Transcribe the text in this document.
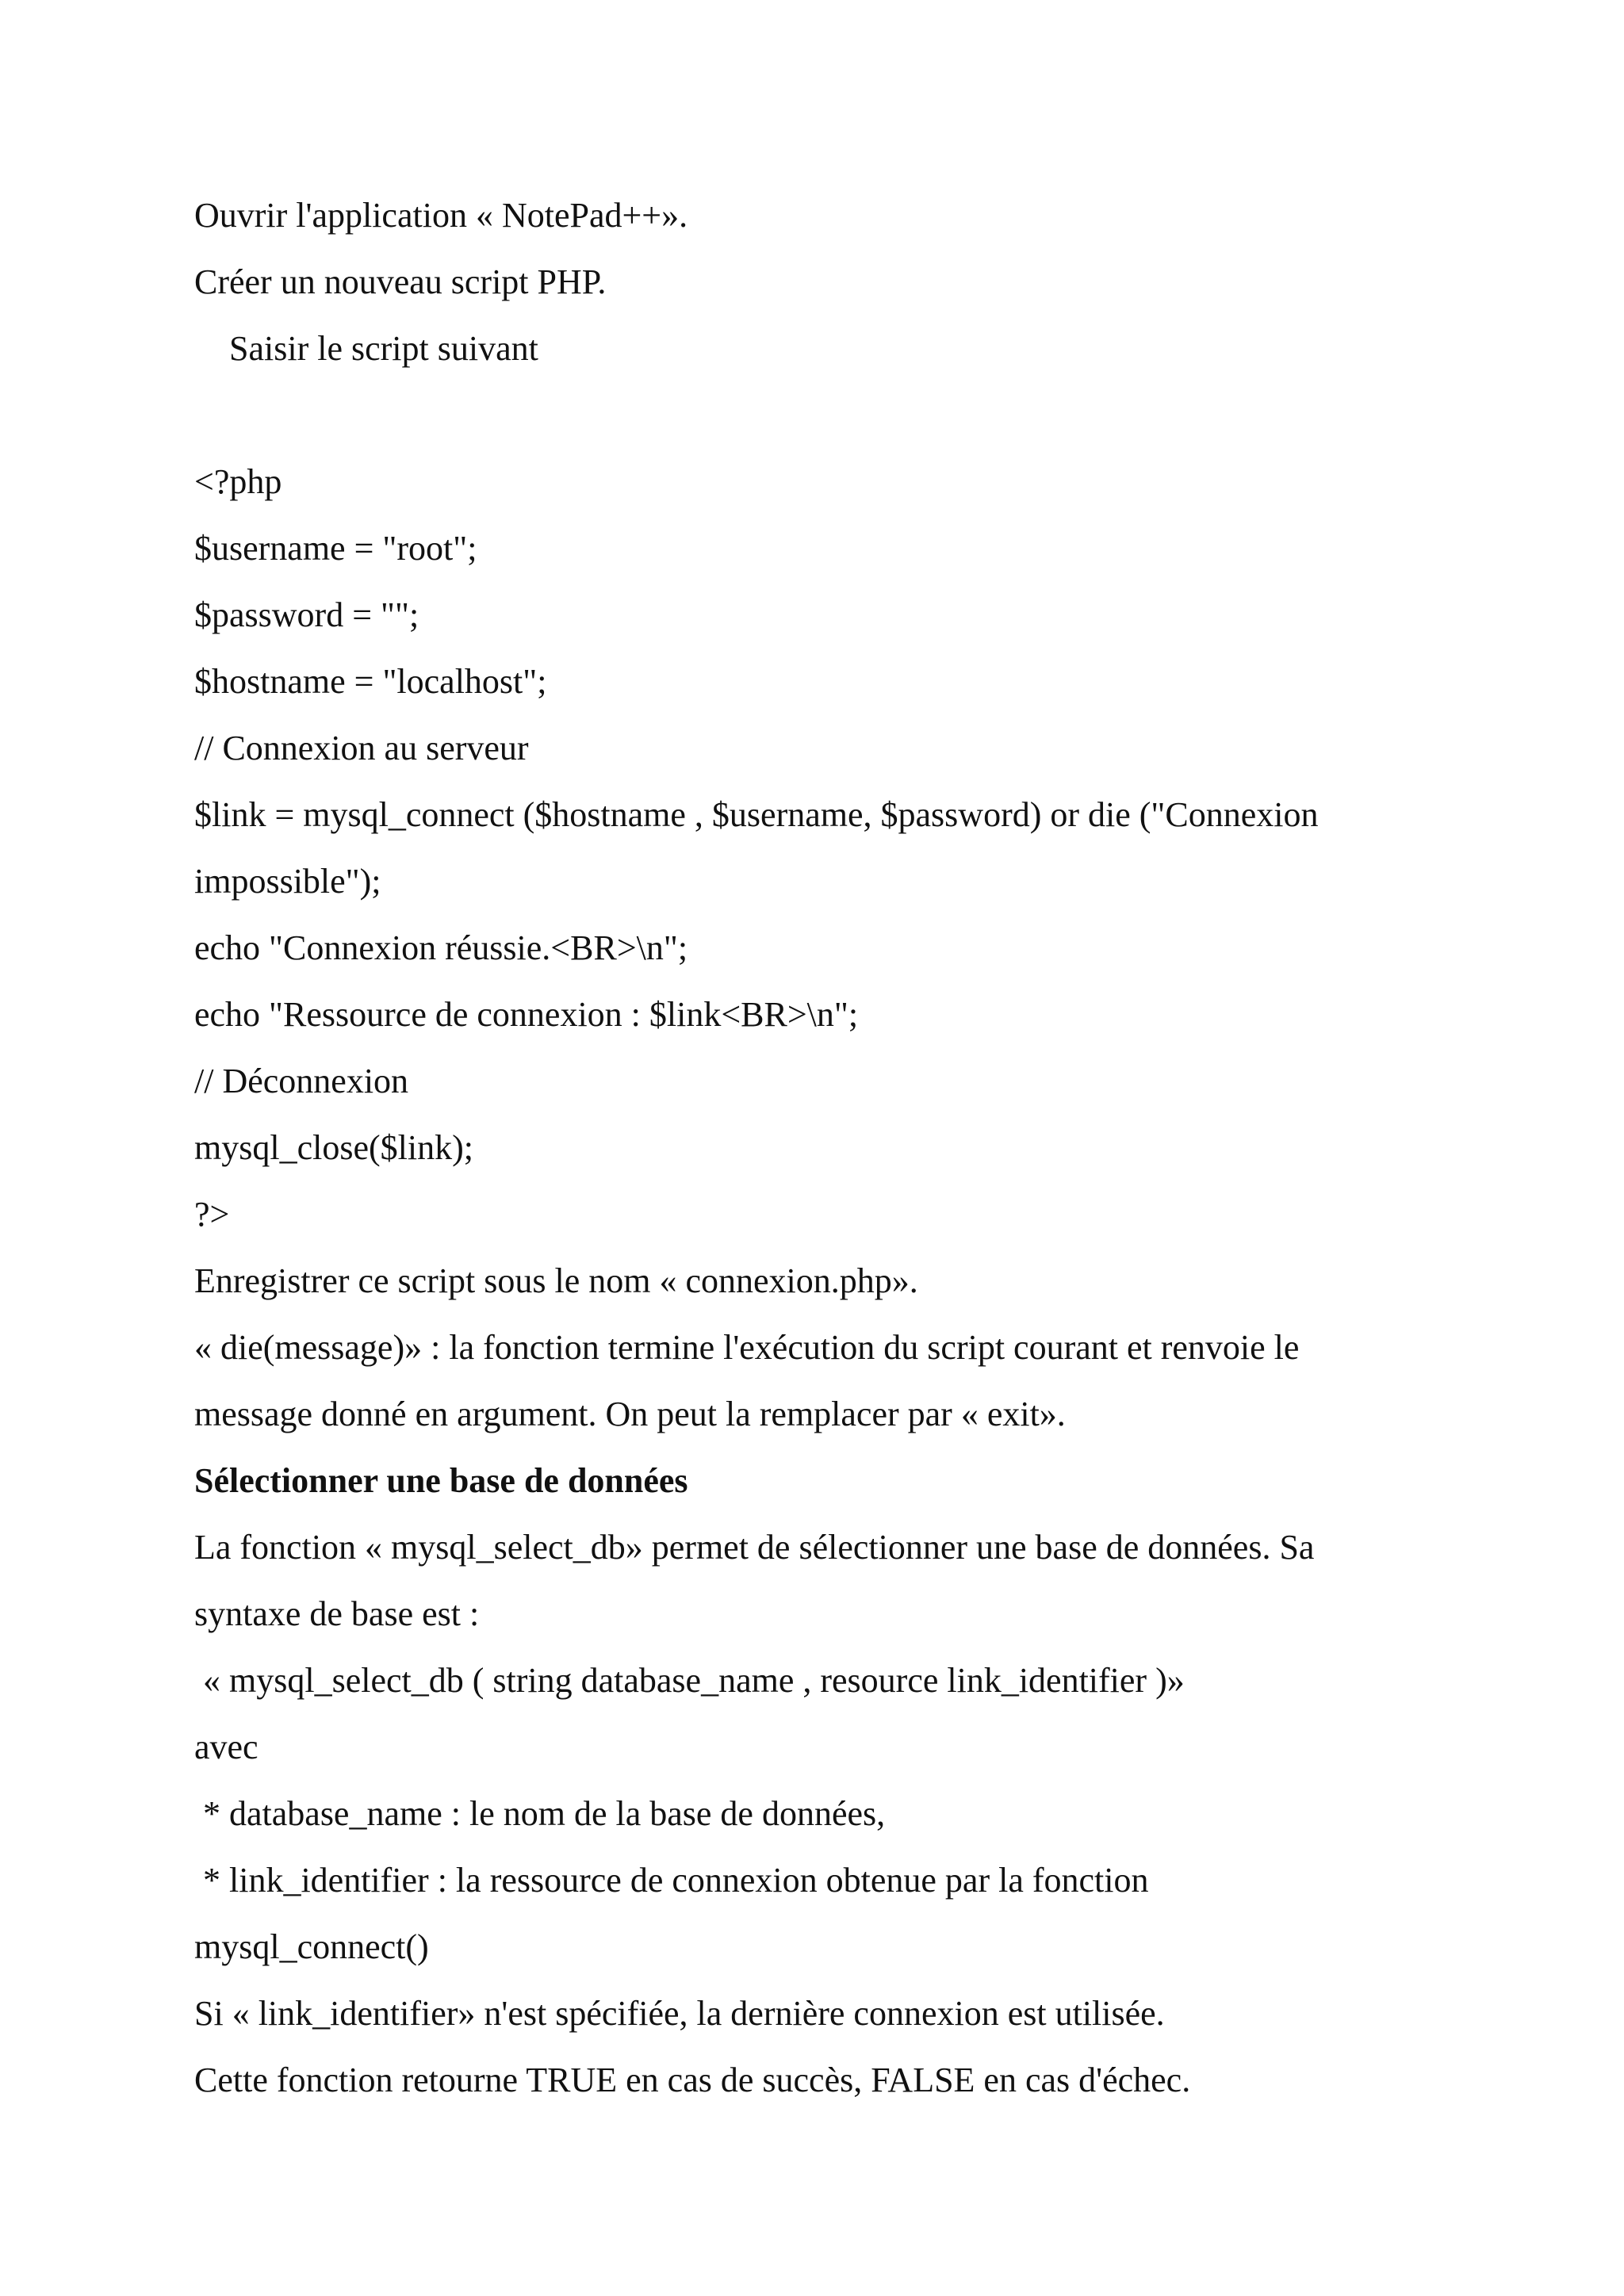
Ouvrir l'application « NotePad++».

Créer un nouveau script PHP.

Saisir le script suivant

<?php

$username = "root";

$password = "";

$hostname = "localhost";

// Connexion au serveur

$link = mysql_connect ($hostname , $username, $password) or die ("Connexion

impossible");

echo "Connexion réussie.<BR>\n";

echo "Ressource de connexion : $link<BR>\n";

// Déconnexion

mysql_close($link);

?>

Enregistrer ce script sous le nom « connexion.php».

« die(message)» : la fonction termine l'exécution du script courant et renvoie le

message donné en argument. On peut la remplacer par « exit».

Sélectionner une base de données

La fonction « mysql_select_db» permet de sélectionner une base de données. Sa

syntaxe de base est :

« mysql_select_db ( string database_name , resource link_identifier )»

avec

* database_name : le nom de la base de données,

* link_identifier : la ressource de connexion obtenue par la fonction

mysql_connect()

Si « link_identifier» n'est spécifiée, la dernière connexion est utilisée.

Cette fonction retourne TRUE en cas de succès, FALSE en cas d'échec.
